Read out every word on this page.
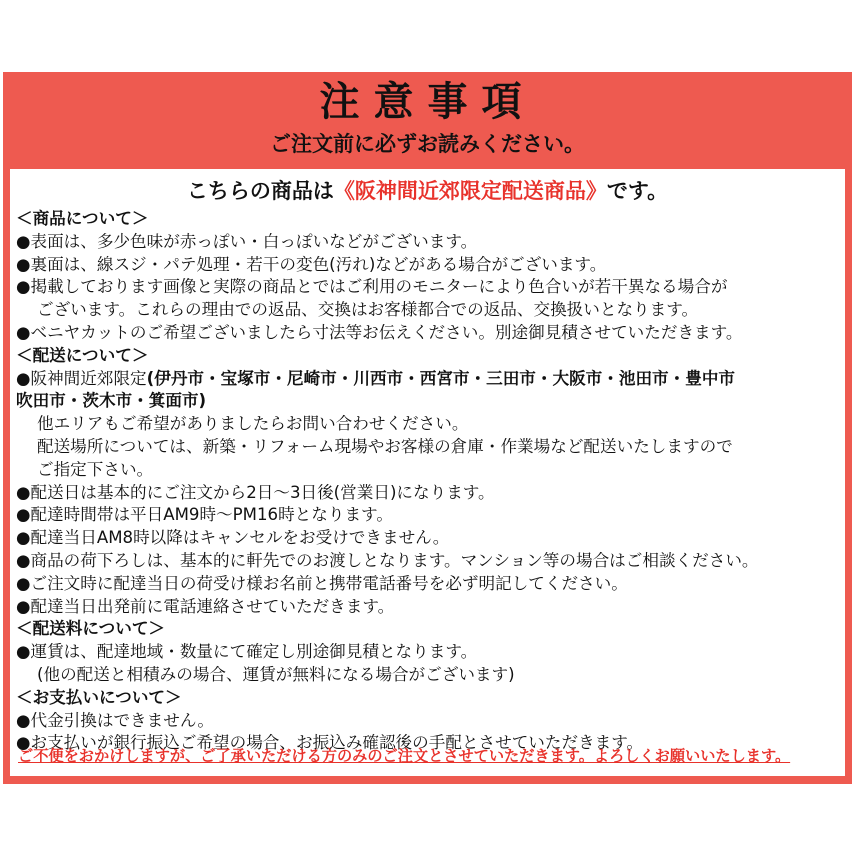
注意事項
ご注文前に必ずお読みください。
こちらの商品は《阪神間近郊限定配送商品》です。
＜商品について＞
●表面は、多少色味が赤っぽい・白っぽいなどがございます。
●裏面は、線スジ・パテ処理・若干の変色(汚れ)などがある場合がございます。
●掲載しております画像と実際の商品とではご利用のモニターにより色合いが若干異なる場合が
ございます。これらの理由での返品、交換はお客様都合での返品、交換扱いとなります。
●ベニヤカットのご希望ございましたら寸法等お伝えください。別途御見積させていただきます。
＜配送について＞
●阪神間近郊限定(伊丹市・宝塚市・尼崎市・川西市・西宮市・三田市・大阪市・池田市・豊中市
吹田市・茨木市・箕面市)
他エリアもご希望がありましたらお問い合わせください。
配送場所については、新築・リフォーム現場やお客様の倉庫・作業場など配送いたしますので
ご指定下さい。
●配送日は基本的にご注文から2日～3日後(営業日)になります。
●配達時間帯は平日AM9時～PM16時となります。
●配達当日AM8時以降はキャンセルをお受けできません。
●商品の荷下ろしは、基本的に軒先でのお渡しとなります。マンション等の場合はご相談ください。
●ご注文時に配達当日の荷受け様お名前と携帯電話番号を必ず明記してください。
●配達当日出発前に電話連絡させていただきます。
＜配送料について＞
●運賃は、配達地域・数量にて確定し別途御見積となります。
(他の配送と相積みの場合、運賃が無料になる場合がございます)
＜お支払いについて＞
●代金引換はできません。
●お支払いが銀行振込ご希望の場合、お振込み確認後の手配とさせていただきます。
ご不便をおかけしますが、ご了承いただける方のみのご注文とさせていただきます。よろしくお願いいたします。
